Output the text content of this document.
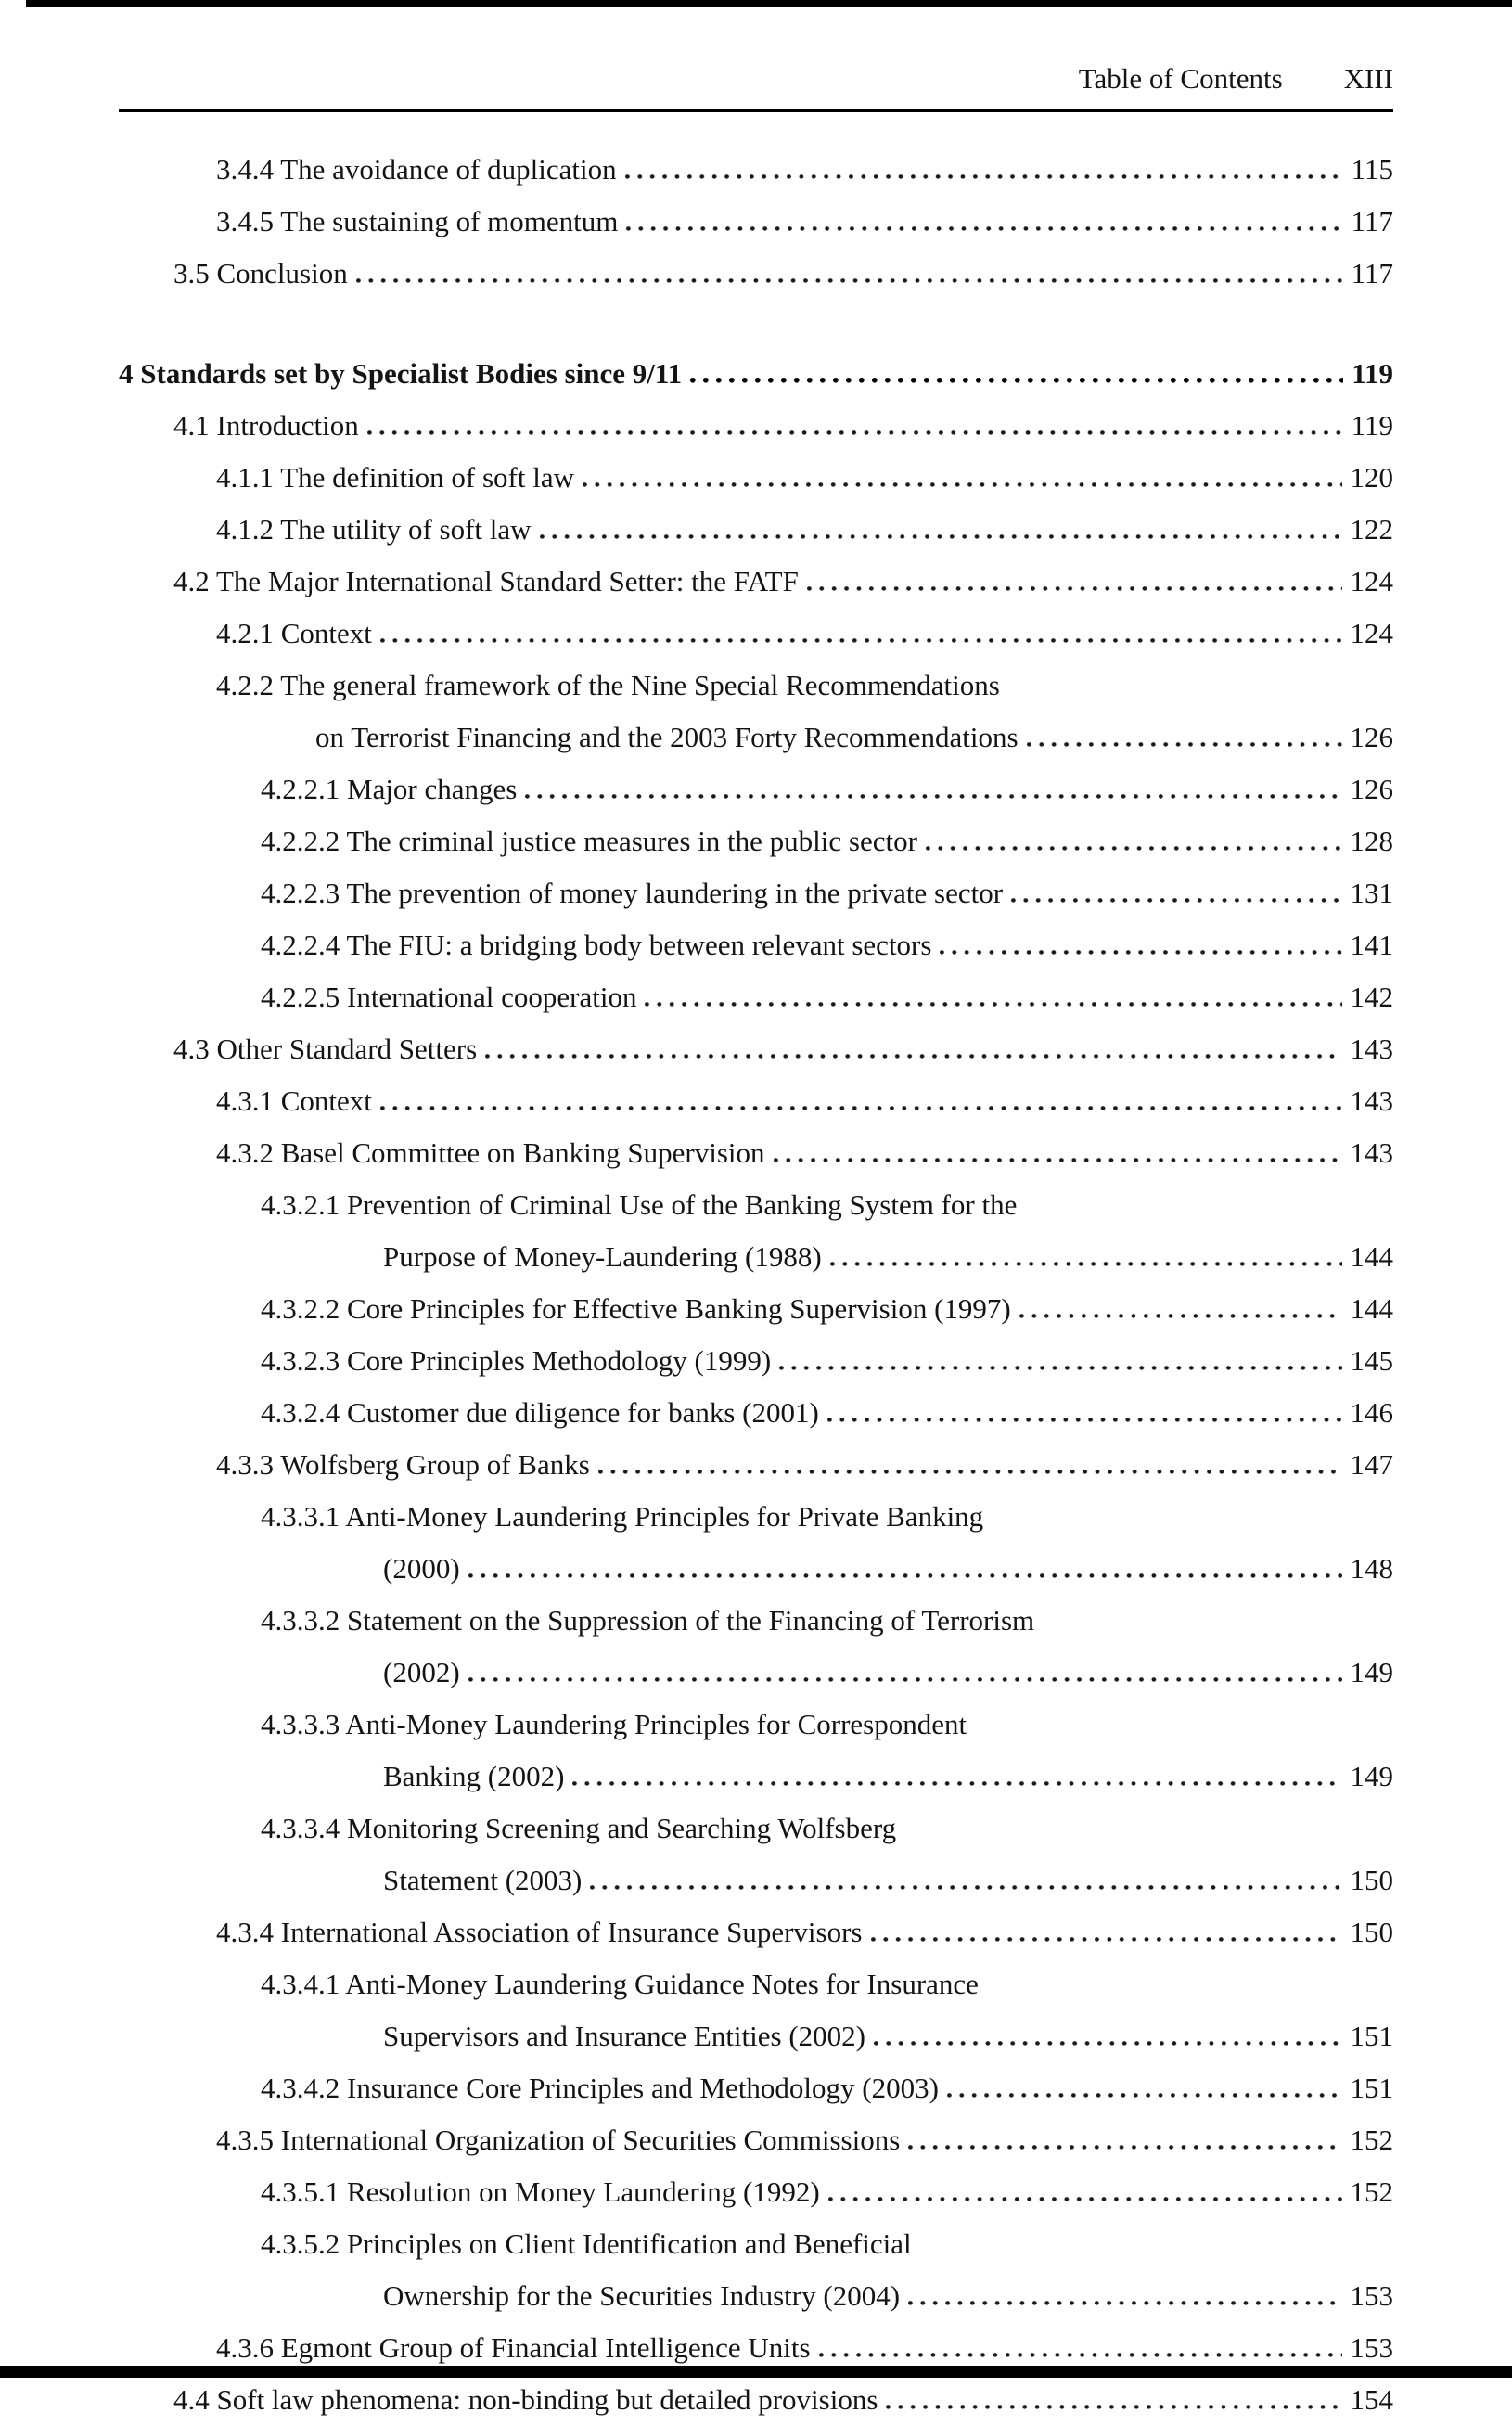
Table of Contents XIII
3.4.4 The avoidance of duplication	115
3.4.5 The sustaining of momentum	117
3.5 Conclusion	117
4 Standards set by Specialist Bodies since 9/11	119
4.1 Introduction	119
4.1.1 The definition of soft law	120
4.1.2 The utility of soft law	122
4.2 The Major International Standard Setter: the FATF	124
4.2.1 Context	124
4.2.2 The general framework of the Nine Special Recommendations
on Terrorist Financing and the 2003 Forty Recommendations	126
4.2.2.1 Major changes	126
4.2.2.2 The criminal justice measures in the public sector	128
4.2.2.3 The prevention of money laundering in the private sector	131
4.2.2.4 The FIU: a bridging body between relevant sectors	141
4.2.2.5 International cooperation	142
4.3 Other Standard Setters	143
4.3.1 Context	143
4.3.2 Basel Committee on Banking Supervision	143
4.3.2.1 Prevention of Criminal Use of the Banking System for the
Purpose of Money-Laundering (1988)	144
4.3.2.2 Core Principles for Effective Banking Supervision (1997)	144
4.3.2.3 Core Principles Methodology (1999)	145
4.3.2.4 Customer due diligence for banks (2001)	146
4.3.3 Wolfsberg Group of Banks	147
4.3.3.1 Anti-Money Laundering Principles for Private Banking
(2000)	148
4.3.3.2 Statement on the Suppression of the Financing of Terrorism
(2002)	149
4.3.3.3 Anti-Money Laundering Principles for Correspondent
Banking (2002)	149
4.3.3.4 Monitoring Screening and Searching Wolfsberg
Statement (2003)	150
4.3.4 International Association of Insurance Supervisors	150
4.3.4.1 Anti-Money Laundering Guidance Notes for Insurance
Supervisors and Insurance Entities (2002)	151
4.3.4.2 Insurance Core Principles and Methodology (2003)	151
4.3.5 International Organization of Securities Commissions	152
4.3.5.1 Resolution on Money Laundering (1992)	152
4.3.5.2 Principles on Client Identification and Beneficial
Ownership for the Securities Industry (2004)	153
4.3.6 Egmont Group of Financial Intelligence Units	153
4.4 Soft law phenomena: non-binding but detailed provisions	154
